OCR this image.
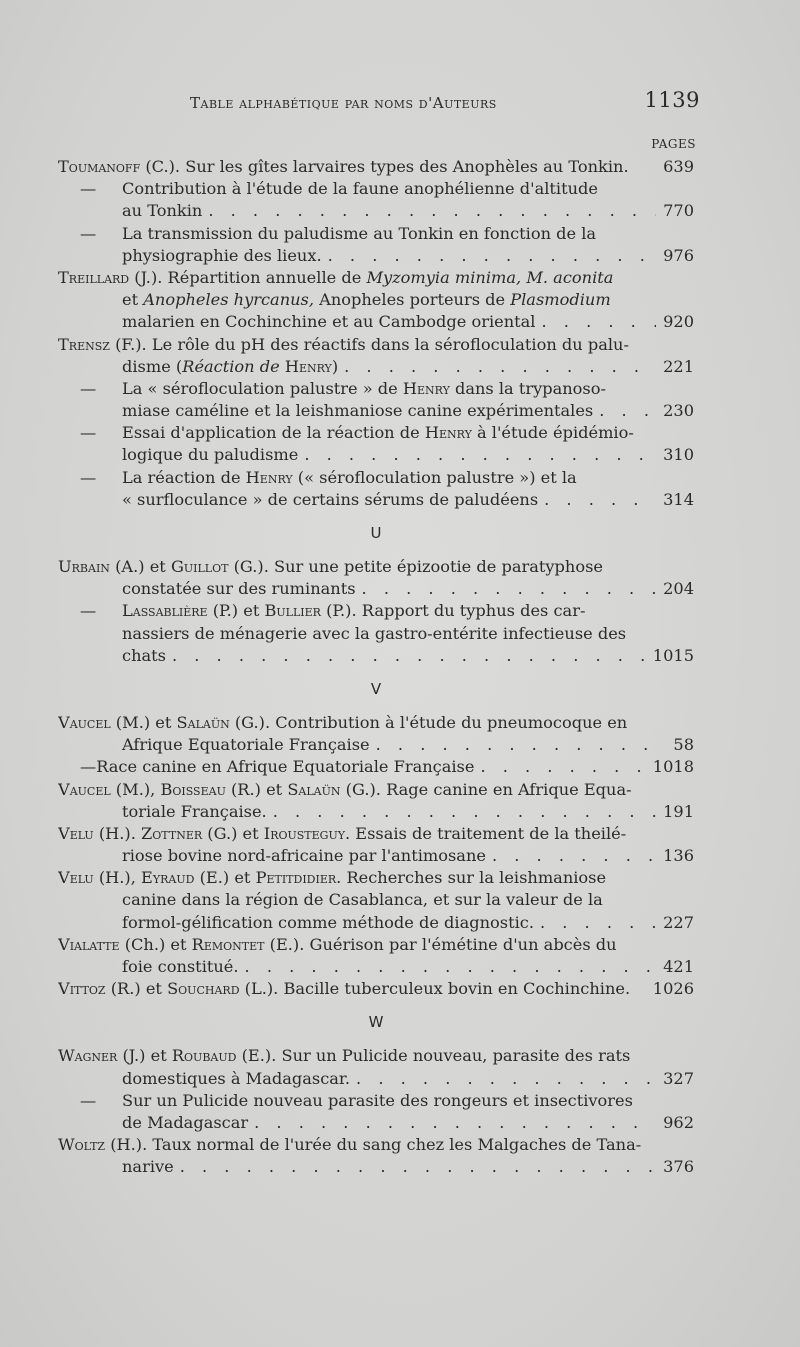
Table alphabétique par noms d'Auteurs	1139
PAGES
Toumanoff (C.). Sur les gîtes larvaires types des Anophèles au Tonkin. 639
—	Contribution à l'étude de la faune anophélienne d'altitude
au Tonkin . . .	770
—	La transmission du paludisme au Tonkin en fonction de la
physiographie des lieux. . . .	976
Treillard (J.). Répartition annuelle de Myzomyia minima, M. aconita
et Anopheles hyrcanus, Anopheles porteurs de Plasmodium
malarien en Cochinchine et au Cambodge oriental . . .	920
Trensz (F.). Le rôle du pH des réactifs dans la sérofloculation du palu-
disme ( Réaction de Henry ) . . .	221
—	La « sérofloculation palustre » de Henry dans la trypanoso-
miase caméline et la leishmaniose canine expérimentales . . .	230
—	Essai d'application de la réaction de Henry à l'étude épidémio-
logique du paludisme . . .	310
—	La réaction de Henry (« sérofloculation palustre ») et la
« surfloculance » de certains sérums de paludéens . . .	314
U
Urbain (A.) et Guillot (G.). Sur une petite épizootie de paratyphose
constatée sur des ruminants . . .	204
—	Lassablière (P.) et Bullier (P.). Rapport du typhus des car-
nassiers de ménagerie avec la gastro-entérite infectieuse des
chats . . .	1015
V
Vaucel (M.) et Salaün (G.). Contribution à l'étude du pneumocoque en
Afrique Equatoriale Française . . .	58
— Race canine en Afrique Equatoriale Française . . .	1018
Vaucel (M.), Boisseau (R.) et Salaün (G.). Rage canine en Afrique Equa-
toriale Française. . . .	191
Velu (H.). Zottner (G.) et Irousteguy . Essais de traitement de la theilé-
riose bovine nord-africaine par l'antimosane . . .	136
Velu (H.), Eyraud (E.) et Petitdidier . Recherches sur la leishmaniose
canine dans la région de Casablanca, et sur la valeur de la
formol-gélification comme méthode de diagnostic. . . .	227
Vialatte (Ch.) et Remontet (E.). Guérison par l'émétine d'un abcès du
foie constitué. . . .	421
Vittoz (R.) et Souchard (L.). Bacille tuberculeux bovin en Cochinchine. 1026
W
Wagner (J.) et Roubaud (E.). Sur un Pulicide nouveau, parasite des rats
domestiques à Madagascar. . . .	327
—	Sur un Pulicide nouveau parasite des rongeurs et insectivores
de Madagascar . . .	962
Woltz (H.). Taux normal de l'urée du sang chez les Malgaches de Tana-
narive . . .	376
